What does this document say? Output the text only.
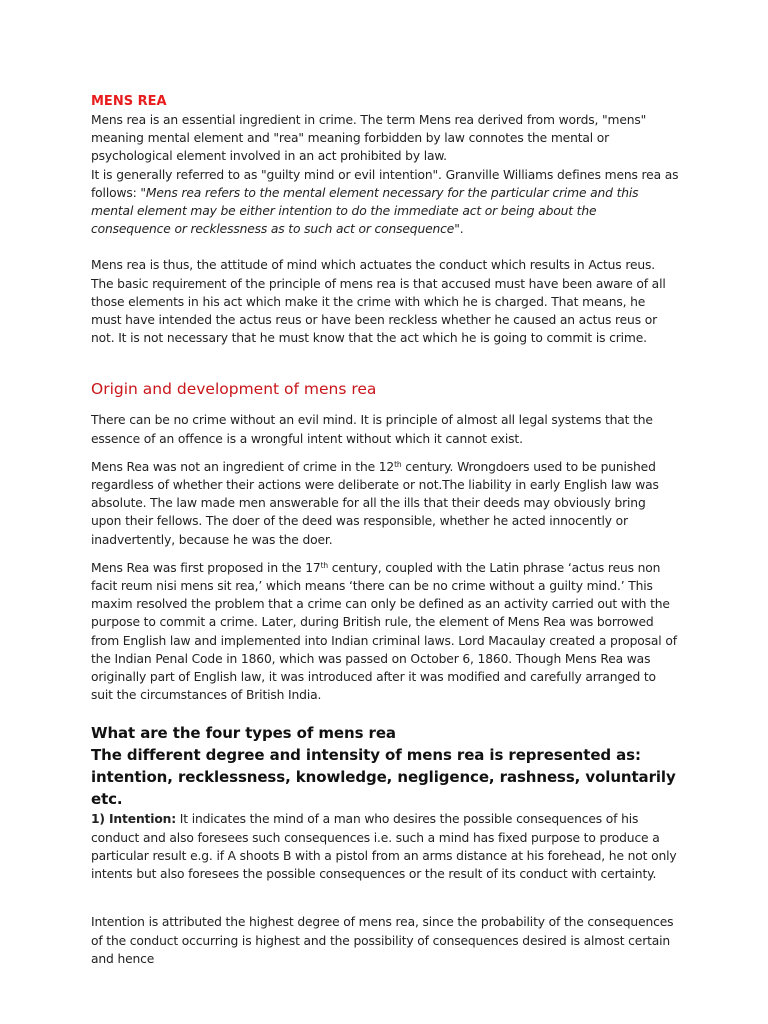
MENS REA

Mens rea is an essential ingredient in crime. The term Mens rea derived from words, "mens" meaning mental element and "rea" meaning forbidden by law connotes the mental or psychological element involved in an act prohibited by law.

It is generally referred to as "guilty mind or evil intention". Granville Williams defines mens rea as follows: "Mens rea refers to the mental element necessary for the particular crime and this mental element may be either intention to do the immediate act or being about the consequence or recklessness as to such act or consequence".

Mens rea is thus, the attitude of mind which actuates the conduct which results in Actus reus.

The basic requirement of the principle of mens rea is that accused must have been aware of all those elements in his act which make it the crime with which he is charged. That means, he must have intended the actus reus or have been reckless whether he caused an actus reus or not. It is not necessary that he must know that the act which he is going to commit is crime.

Origin and development of mens rea

There can be no crime without an evil mind. It is principle of almost all legal systems that the essence of an offence is a wrongful intent without which it cannot exist.

Mens Rea was not an ingredient of crime in the 12th century. Wrongdoers used to be punished regardless of whether their actions were deliberate or not.The liability in early English law was absolute. The law made men answerable for all the ills that their deeds may obviously bring upon their fellows. The doer of the deed was responsible, whether he acted innocently or inadvertently, because he was the doer.

Mens Rea was first proposed in the 17th century, coupled with the Latin phrase ‘actus reus non facit reum nisi mens sit rea,’ which means ‘there can be no crime without a guilty mind.’ This maxim resolved the problem that a crime can only be defined as an activity carried out with the purpose to commit a crime. Later, during British rule, the element of Mens Rea was borrowed from English law and implemented into Indian criminal laws. Lord Macaulay created a proposal of the Indian Penal Code in 1860, which was passed on October 6, 1860. Though Mens Rea was originally part of English law, it was introduced after it was modified and carefully arranged to suit the circumstances of British India.

What are the four types of mens rea
The different degree and intensity of mens rea is represented as: intention, recklessness, knowledge, negligence, rashness, voluntarily etc.

1) Intention: It indicates the mind of a man who desires the possible consequences of his conduct and also foresees such consequences i.e. such a mind has fixed purpose to produce a particular result e.g. if A shoots B with a pistol from an arms distance at his forehead, he not only intents but also foresees the possible consequences or the result of its conduct with certainty.

Intention is attributed the highest degree of mens rea, since the probability of the consequences of the conduct occurring is highest and the possibility of consequences desired is almost certain and hence
